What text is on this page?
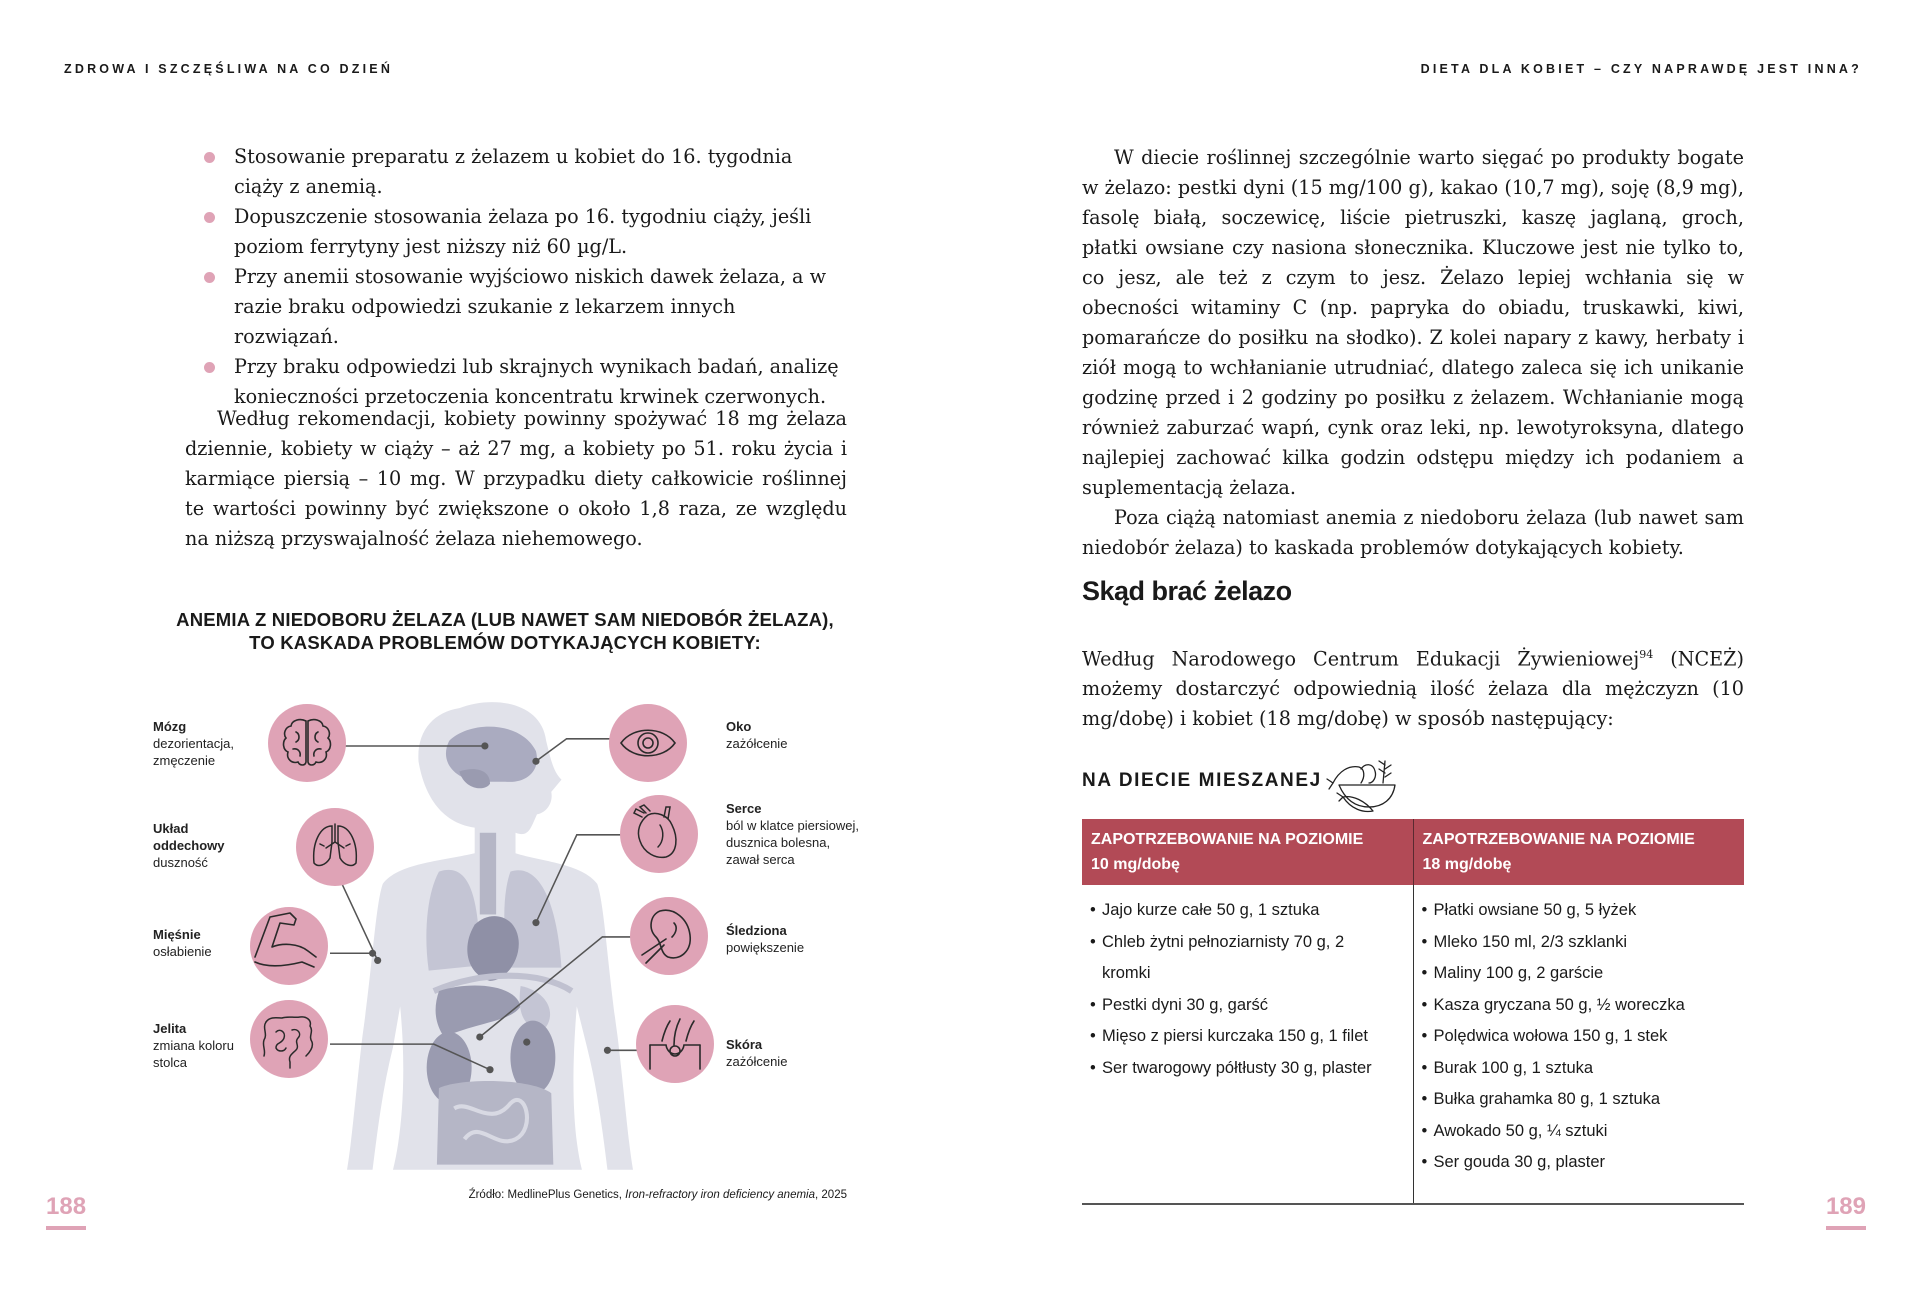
ZDROWA I SZCZĘŚLIWA NA CO DZIEŃ
Stosowanie preparatu z żelazem u kobiet do 16. tygodnia ciąży z anemią.
Dopuszczenie stosowania żelaza po 16. tygodniu ciąży, jeśli poziom ferrytyny jest niższy niż 60 µg/L.
Przy anemii stosowanie wyjściowo niskich dawek żelaza, a w razie braku odpowiedzi szukanie z lekarzem innych rozwiązań.
Przy braku odpowiedzi lub skrajnych wynikach badań, analizę konieczności przetoczenia koncentratu krwinek czerwonych.

Według rekomendacji, kobiety powinny spożywać 18 mg żelaza dziennie, kobiety w ciąży – aż 27 mg, a kobiety po 51. roku życia i karmiące piersią – 10 mg. W przypadku diety całkowicie roślinnej te wartości powinny być zwiększone o około 1,8 raza, ze względu na niższą przyswajalność żelaza niehemowego.

ANEMIA Z NIEDOBORU ŻELAZA (LUB NAWET SAM NIEDOBÓR ŻELAZA),
TO KASKADA PROBLEMÓW DOTYKAJĄCYCH KOBIETY:
Mózg
dezorientacja, zmęczenie
Układ oddechowy
duszność
Mięśnie
osłabienie
Jelita
zmiana koloru stolca
Oko
zażółcenie
Serce
ból w klatce piersiowej, dusznica bolesna, zawał serca
Śledziona
powiększenie
Skóra
zażółcenie
Źródło: MedlinePlus Genetics, Iron-refractory iron deficiency anemia, 2025
188
DIETA DLA KOBIET – CZY NAPRAWDĘ JEST INNA?

W diecie roślinnej szczególnie warto sięgać po produkty bogate w żelazo: pestki dyni (15 mg/100 g), kakao (10,7 mg), soję (8,9 mg), fasolę białą, soczewicę, liście pietruszki, kaszę jaglaną, groch, płatki owsiane czy nasiona słonecznika. Kluczowe jest nie tylko to, co jesz, ale też z czym to jesz. Żelazo lepiej wchłania się w obecności witaminy C (np. papryka do obiadu, truskawki, kiwi, pomarańcze do posiłku na słodko). Z kolei napary z kawy, herbaty i ziół mogą to wchłanianie utrudniać, dlatego zaleca się ich unikanie godzinę przed i 2 godziny po posiłku z żelazem. Wchłanianie mogą również zaburzać wapń, cynk oraz leki, np. lewotyroksyna, dlatego najlepiej zachować kilka godzin odstępu między ich podaniem a suplementacją żelaza.

Poza ciążą natomiast anemia z niedoboru żelaza (lub nawet sam niedobór żelaza) to kaskada problemów dotykających kobiety.

Skąd brać żelazo

Według Narodowego Centrum Edukacji Żywieniowej$^{94}$ (NCEŻ) możemy dostarczyć odpowiednią ilość żelaza dla mężczyzn (10 mg/dobę) i kobiet (18 mg/dobę) w sposób następujący:

NA DIECIE MIESZANEJ
ZAPOTRZEBOWANIE NA POZIOMIE
10 mg/dobę

ZAPOTRZEBOWANIE NA POZIOMIE
18 mg/dobę

• Jajo kurze całe 50 g, 1 sztuka
• Chleb żytni pełnoziarnisty 70 g, 2 kromki
• Pestki dyni 30 g, garść
• Mięso z piersi kurczaka 150 g, 1 filet
• Ser twarogowy półtłusty 30 g, plaster

• Płatki owsiane 50 g, 5 łyżek
• Mleko 150 ml, 2/3 szklanki
• Maliny 100 g, 2 garście
• Kasza gryczana 50 g, ½ woreczka
• Polędwica wołowa 150 g, 1 stek
• Burak 100 g, 1 sztuka
• Bułka grahamka 80 g, 1 sztuka
• Awokado 50 g, ¼ sztuki
• Ser gouda 30 g, plaster
189
